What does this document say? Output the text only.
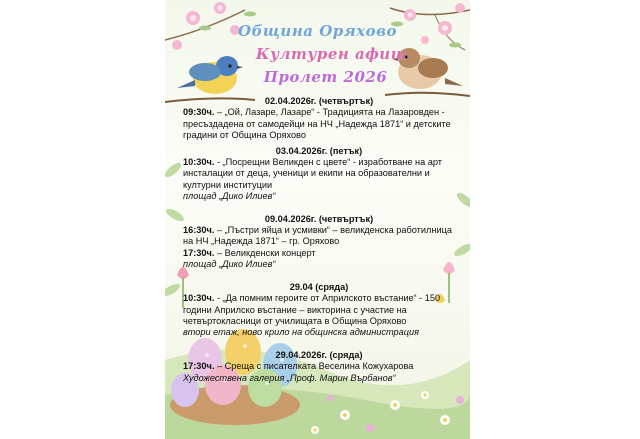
Община Оряхово
Културен афиш
Пролет 2026

02.04.2026г. (четвъртък)

09:30ч. – „Ой, Лазаре, Лазаре“ - Традицията на Лазаровден - пресъздадена от самодейци на НЧ „Надежда 1871“ и детските градини от Община Оряхово

03.04.2026г. (петък)

10:30ч. - „Посрещни Великден с цвете“ - изработване на арт инсталации от деца, ученици и екипи на образователни и културни институции

площад „Дико Илиев“

09.04.2026г. (четвъртък)

16:30ч. – „Пъстри яйца и усмивки“ – великденска работилница на НЧ „Надежда 1871“ – гр. Оряхово

17:30ч. – Великденски концерт

площад „Дико Илиев“

29.04 (сряда)

10:30ч. - „Да помним героите от Априлското въстание“ - 150 години Априлско въстание – викторина с участие на четвъртокласници от училищата в Община Оряхово

втори етаж, ново крило на общинска администрация

29.04.2026г. (сряда)

17:30ч. – Среща с писателката Веселина Кожухарова

Художествена галерия „Проф. Марин Върбанов“
